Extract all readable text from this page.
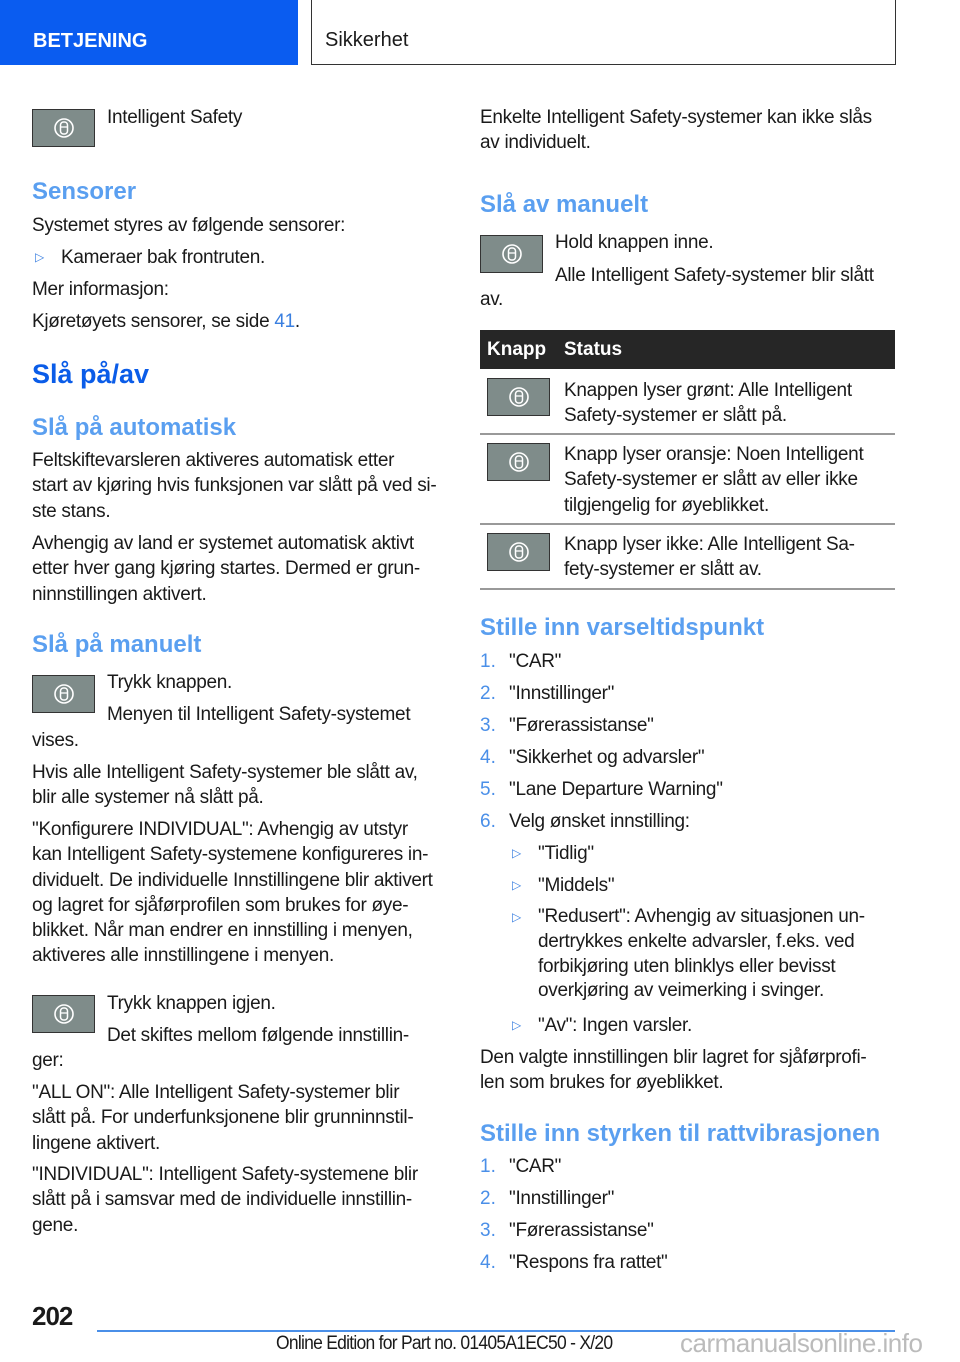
BETJENING	Sikkerhet
Intelligent Safety
Sensorer
Systemet styres av følgende sensorer:
▷ Kameraer bak frontruten.
Mer informasjon:
Kjøretøyets sensorer, se side 41.
Slå på/av
Slå på automatisk
Feltskiftevarsleren aktiveres automatisk etter
start av kjøring hvis funksjonen var slått på ved si-
ste stans.
Avhengig av land er systemet automatisk aktivt
etter hver gang kjøring startes. Dermed er grun-
ninnstillingen aktivert.
Slå på manuelt
Trykk knappen.
Menyen til Intelligent Safety-systemet
vises.
Hvis alle Intelligent Safety-systemer ble slått av,
blir alle systemer nå slått på.
"Konfigurere INDIVIDUAL": Avhengig av utstyr
kan Intelligent Safety-systemene konfigureres in-
dividuelt. De individuelle Innstillingene blir aktivert
og lagret for sjåførprofilen som brukes for øye-
blikket. Når man endrer en innstilling i menyen,
aktiveres alle innstillingene i menyen.
Trykk knappen igjen.
Det skiftes mellom følgende innstillin-
ger:
"ALL ON": Alle Intelligent Safety-systemer blir
slått på. For underfunksjonene blir grunninnstil-
lingene aktivert.
"INDIVIDUAL": Intelligent Safety-systemene blir
slått på i samsvar med de individuelle innstillin-
gene.
Enkelte Intelligent Safety-systemer kan ikke slås
av individuelt.
Slå av manuelt
Hold knappen inne.
Alle Intelligent Safety-systemer blir slått
av.
Knapp Status
Knappen lyser grønt: Alle Intelligent
Safety-systemer er slått på.
Knapp lyser oransje: Noen Intelligent
Safety-systemer er slått av eller ikke
tilgjengelig for øyeblikket.
Knapp lyser ikke: Alle Intelligent Sa-
fety-systemer er slått av.
Stille inn varseltidspunkt
1. "CAR"
2. "Innstillinger"
3. "Førerassistanse"
4. "Sikkerhet og advarsler"
5. "Lane Departure Warning"
6. Velg ønsket innstilling:
▷ "Tidlig"
▷ "Middels"
▷ "Redusert": Avhengig av situasjonen un-
dertrykkes enkelte advarsler, f.eks. ved
forbikjøring uten blinklys eller bevisst
overkjøring av veimerking i svinger.
▷ "Av": Ingen varsler.
Den valgte innstillingen blir lagret for sjåførprofi-
len som brukes for øyeblikket.
Stille inn styrken til rattvibrasjonen
1. "CAR"
2. "Innstillinger"
3. "Førerassistanse"
4. "Respons fra rattet"
202
Online Edition for Part no. 01405A1EC50 - X/20	carmanualsonline.info
